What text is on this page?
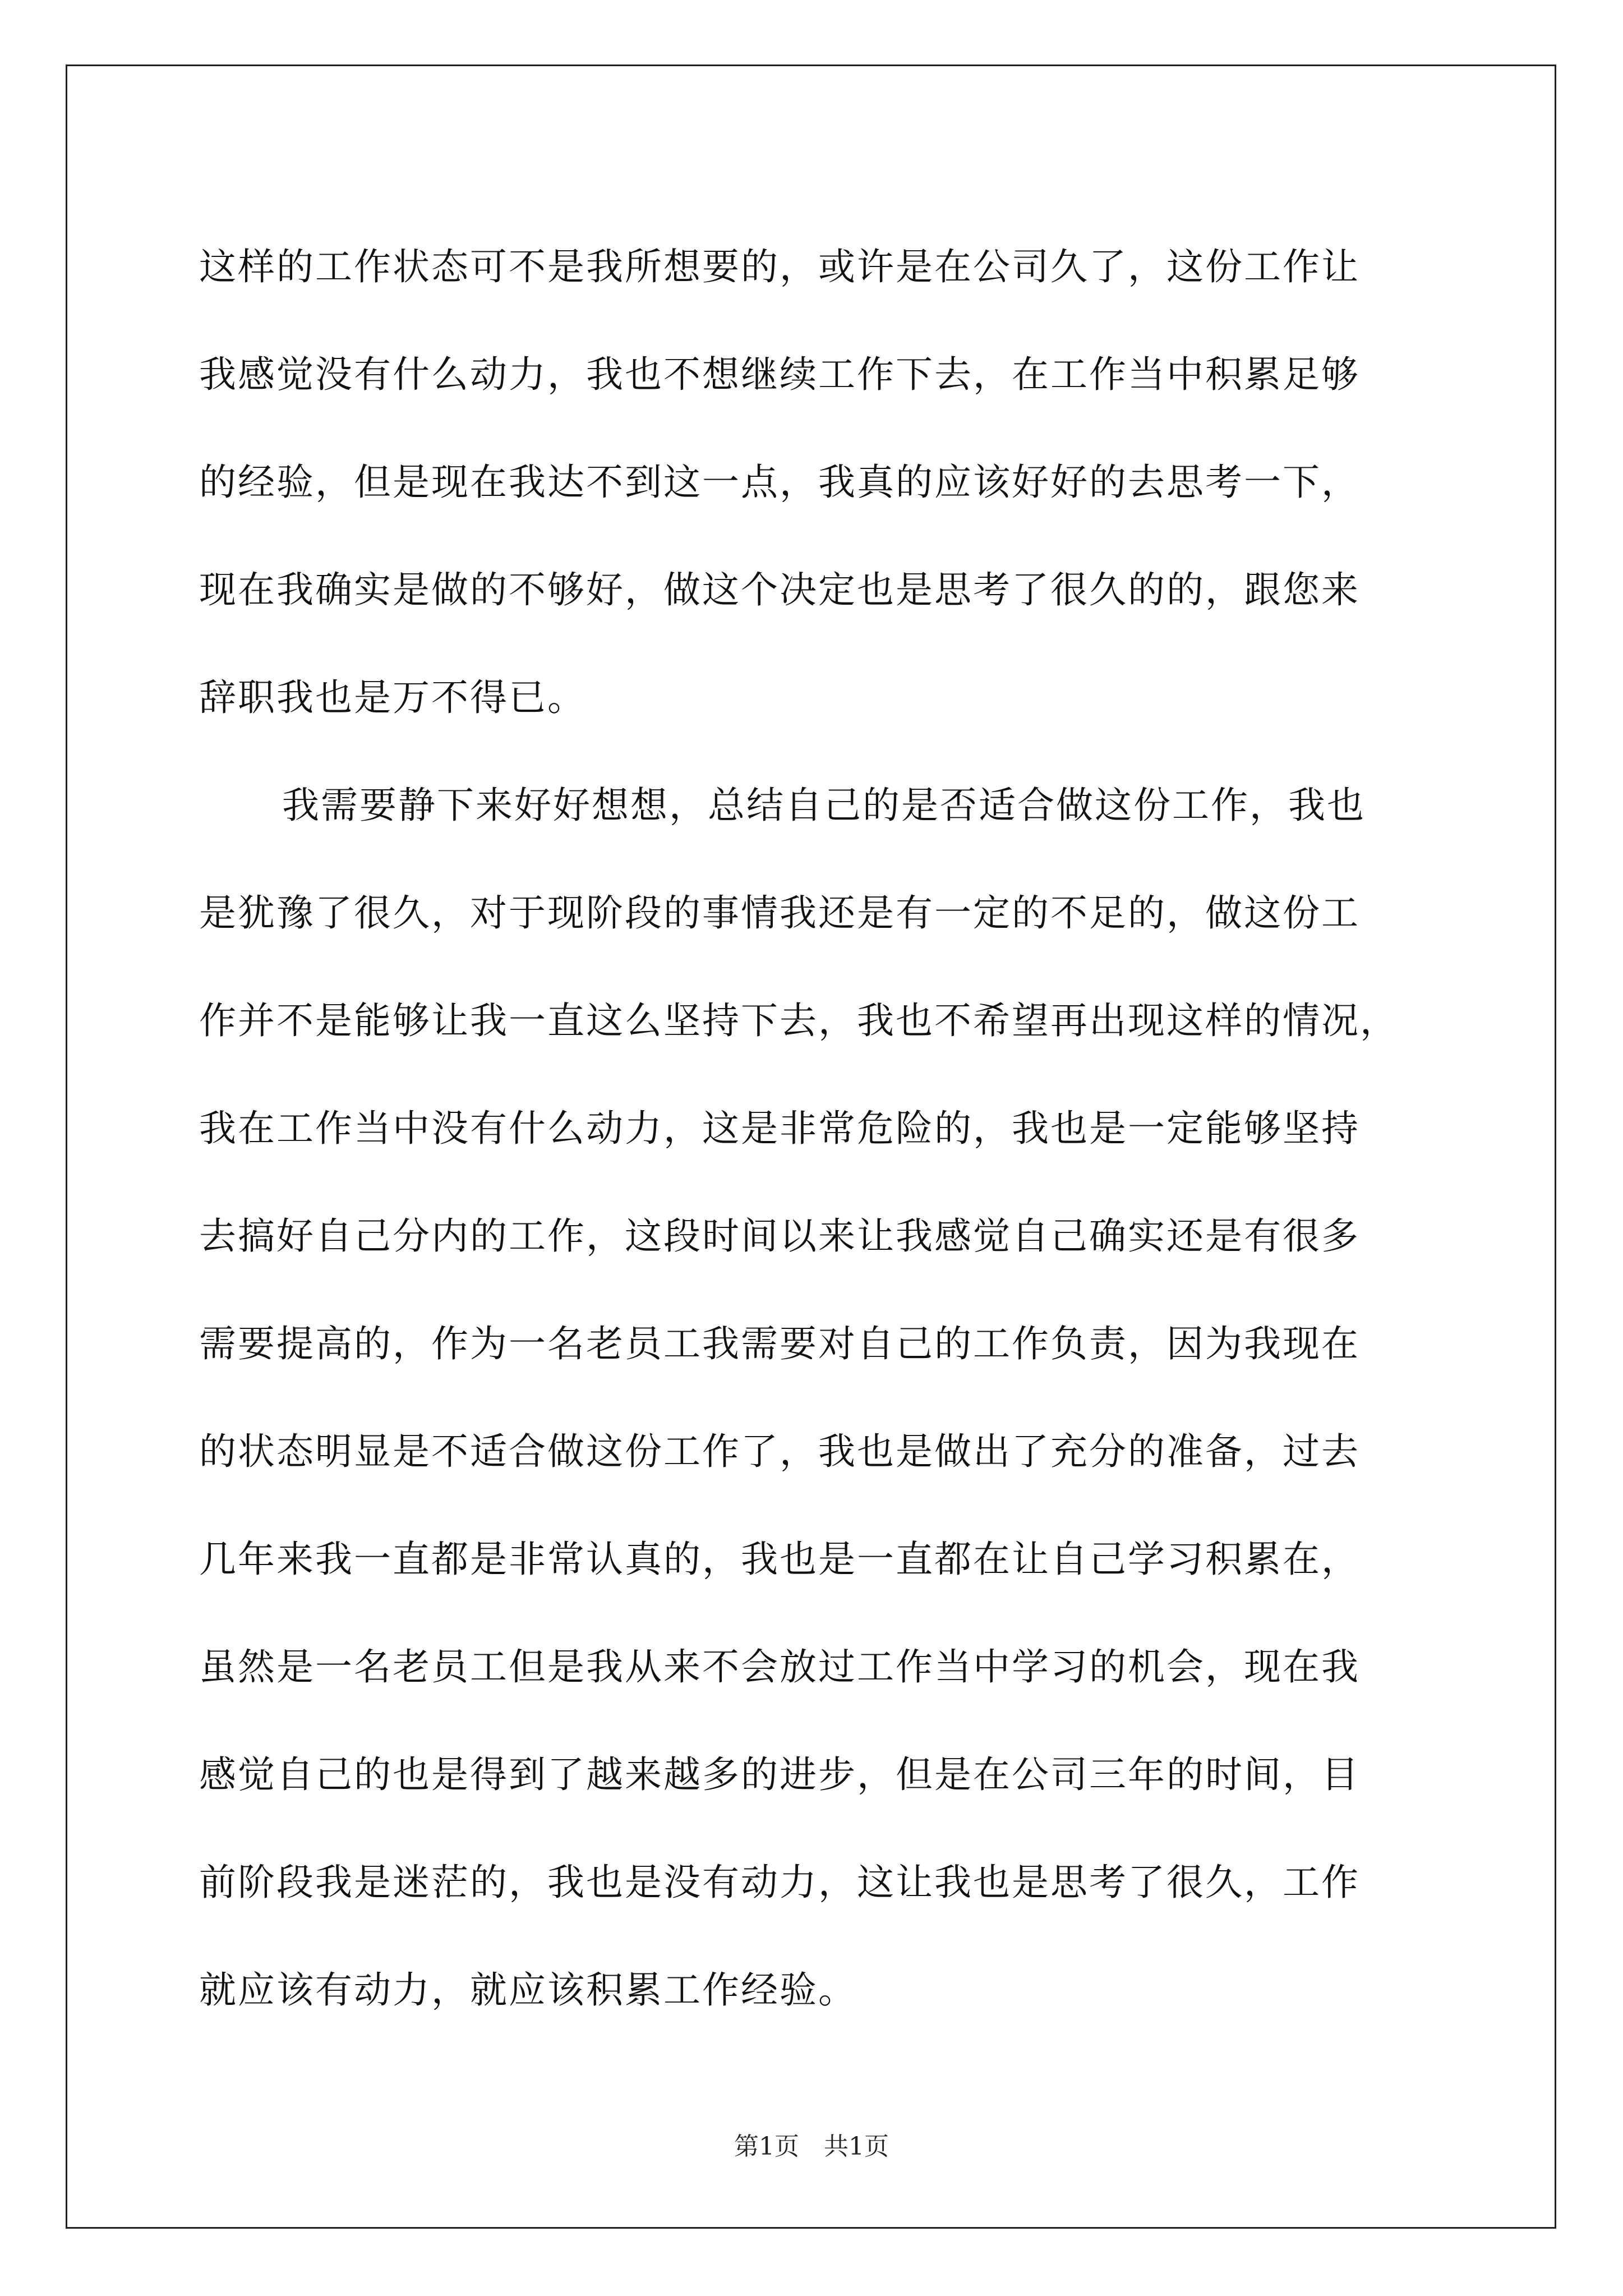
这样的工作状态可不是我所想要的，或许是在公司久了，这份工作让
我感觉没有什么动力，我也不想继续工作下去，在工作当中积累足够
的经验，但是现在我达不到这一点，我真的应该好好的去思考一下，
现在我确实是做的不够好，做这个决定也是思考了很久的的，跟您来
辞职我也是万不得已。
我需要静下来好好想想，总结自己的是否适合做这份工作，我也
是犹豫了很久，对于现阶段的事情我还是有一定的不足的，做这份工
作并不是能够让我一直这么坚持下去，我也不希望再出现这样的情况，
我在工作当中没有什么动力，这是非常危险的，我也是一定能够坚持
去搞好自己分内的工作，这段时间以来让我感觉自己确实还是有很多
需要提高的，作为一名老员工我需要对自己的工作负责，因为我现在
的状态明显是不适合做这份工作了，我也是做出了充分的准备，过去
几年来我一直都是非常认真的，我也是一直都在让自己学习积累在，
虽然是一名老员工但是我从来不会放过工作当中学习的机会，现在我
感觉自己的也是得到了越来越多的进步，但是在公司三年的时间，目
前阶段我是迷茫的，我也是没有动力，这让我也是思考了很久，工作
就应该有动力，就应该积累工作经验。
第1页　共1页
